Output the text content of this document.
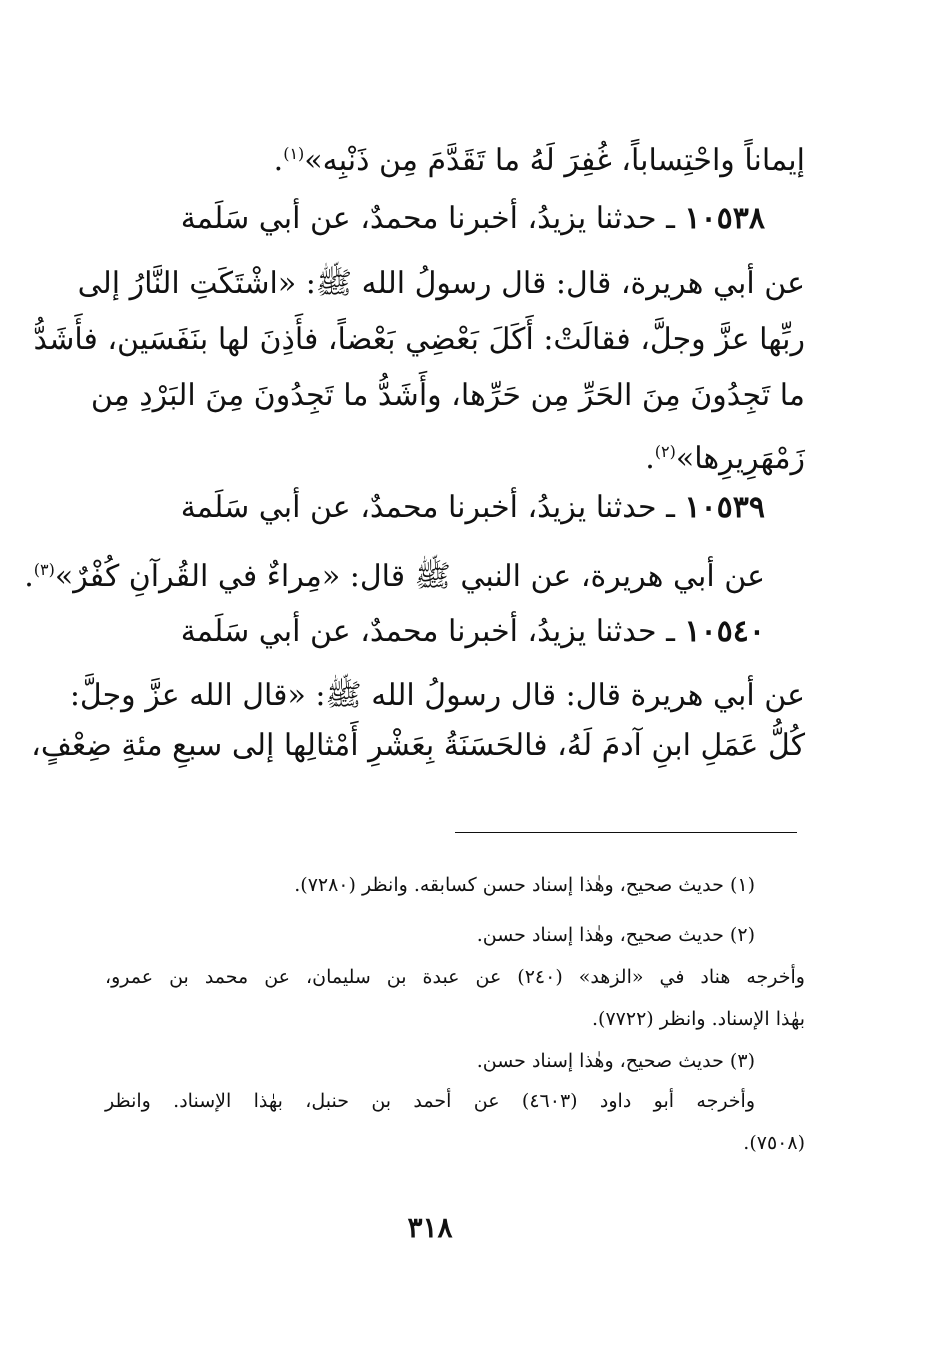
إيماناً واحْتِساباً، غُفِرَ لَهُ ما تَقَدَّمَ مِن ذَنْبِه»$^{(١)}$.
١٠٥٣٨ ـ حدثنا يزيدُ، أخبرنا محمدٌ، عن أبي سَلَمة
عن أبي هريرة، قال: قال رسولُ الله ﷺ: «اشْتَكَتِ النَّارُ إلى
ربِّها عزَّ وجلَّ، فقالَتْ: أَكَلَ بَعْضِي بَعْضاً، فأَذِنَ لها بنَفَسَين، فأَشَدُّ
ما تَجِدُونَ مِنَ الحَرِّ مِن حَرِّها، وأَشَدُّ ما تَجِدُونَ مِنَ البَرْدِ مِن
زَمْهَرِيرِها»$^{(٢)}$.
١٠٥٣٩ ـ حدثنا يزيدُ، أخبرنا محمدٌ، عن أبي سَلَمة
عن أبي هريرة، عن النبي ﷺ قال: «مِراءٌ في القُرآنِ كُفْرٌ»$^{(٣)}$.
١٠٥٤٠ ـ حدثنا يزيدُ، أخبرنا محمدٌ، عن أبي سَلَمة
عن أبي هريرة قال: قال رسولُ الله ﷺ: «قال الله عزَّ وجلَّ:
كُلُّ عَمَلِ ابنِ آدمَ لَهُ، فالحَسَنَةُ بِعَشْرِ أَمْثالِها إلى سبعِ مئةِ ضِعْفٍ،
(١) حديث صحيح، وهٰذا إسناد حسن كسابقه. وانظر (٧٢٨٠).
(٢) حديث صحيح، وهٰذا إسناد حسن.
وأخرجه هناد في «الزهد» (٢٤٠) عن عبدة بن سليمان، عن محمد بن عمرو،
بهٰذا الإسناد. وانظر (٧٧٢٢).
(٣) حديث صحيح، وهٰذا إسناد حسن.
وأخرجه أبو داود (٤٦٠٣) عن أحمد بن حنبل، بهٰذا الإسناد. وانظر
(٧٥٠٨).
٣١٨
